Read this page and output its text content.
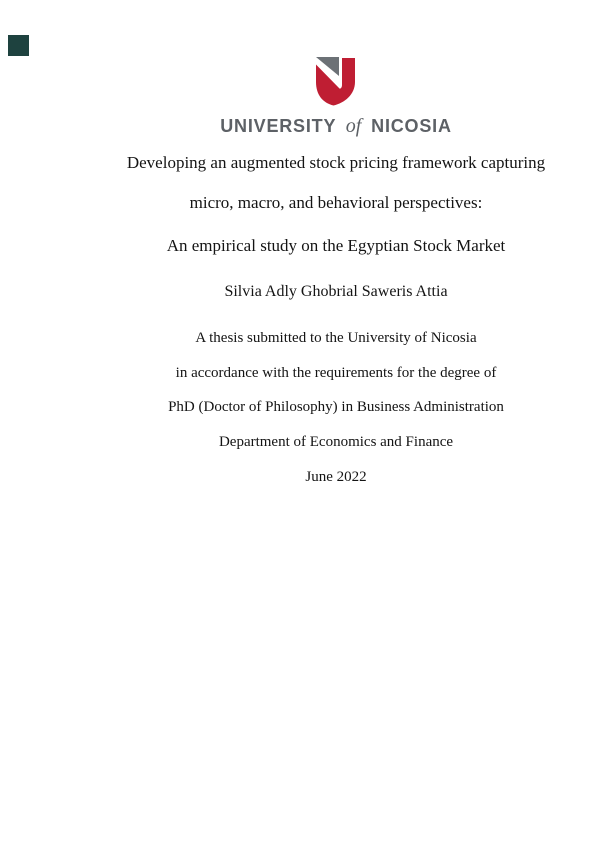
UNIVERSITY of NICOSIA
Developing an augmented stock pricing framework capturing
micro, macro, and behavioral perspectives:
An empirical study on the Egyptian Stock Market
Silvia Adly Ghobrial Saweris Attia
A thesis submitted to the University of Nicosia
in accordance with the requirements for the degree of
PhD (Doctor of Philosophy) in Business Administration
Department of Economics and Finance
June 2022
